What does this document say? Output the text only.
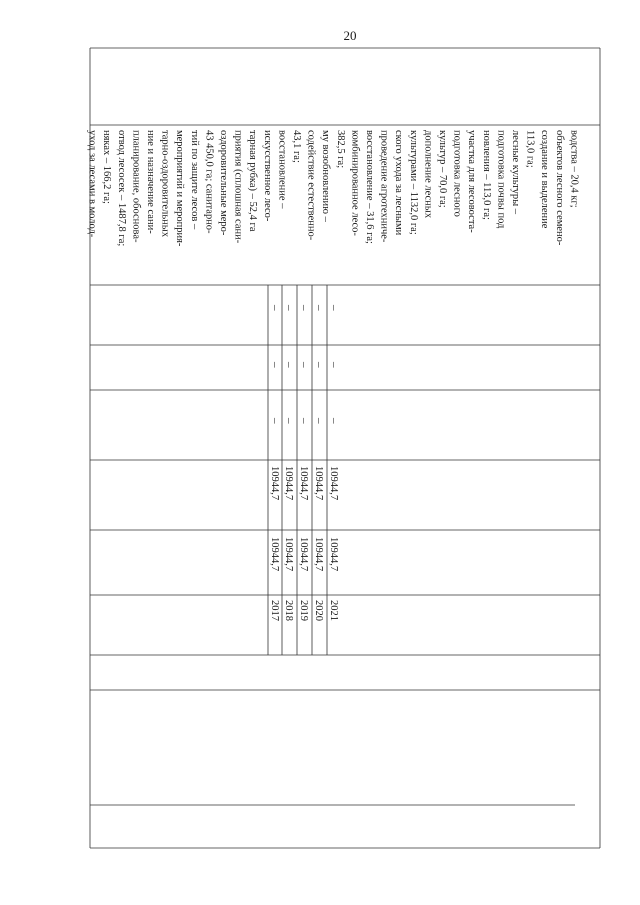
20
уход за лесами в молод- няках – 166,2 га; отвод лесосек – 1487,8 га; планирование, обоснова- ние и назначение сани- тарно-оздоровительных мероприятий и мероприя- тий по защите лесов – 43 450,0 га; санитарно- оздоровительные меро- приятия (сплошная сани- тарная рубка) – 52,4 га искусственное лесо- восстановление – 43,1 га; содействие естественно- му возобновлению – 382,5 га; комбинированное лесо- восстановление – 31,6 га; проведение агротехниче- ского ухода за лесными культурами – 1132,0 га; дополнение лесных культур – 70,0 га; подготовка лесного участка для лесовоста- новления – 113,0 га; подготовка почвы под лесные культуры – 113,0 га; создание и выделение объектов лесного семено- водства – 20,4 кг;
2017
10944,7
10944,7
–
–
–
2018
10944,7
10944,7
–
–
–
2019
10944,7
10944,7
–
–
–
2020
10944,7
10944,7
–
–
–
2021
10944,7
10944,7
–
–
–
